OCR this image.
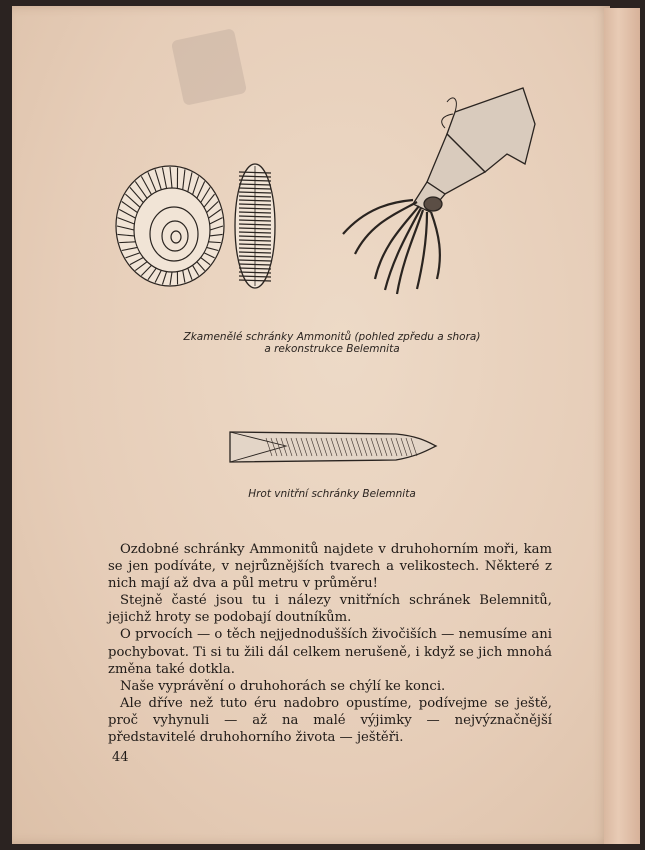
Zkamenělé schránky Ammonitů (pohled zpředu a shora)
a rekonstrukce Belemnita
Hrot vnitřní schránky Belemnita

Ozdobné schránky Ammonitů najdete v druhohorním moři, kam se jen podíváte, v nejrůznějších tvarech a velikostech. Některé z nich mají až dva a půl metru v průměru!

Stejně časté jsou tu i nálezy vnitřních schránek Belemnitů, jejichž hroty se podobají doutníkům.

O prvocích — o těch nejjednodušších živočiších — nemusíme ani pochybovat. Ti si tu žili dál celkem nerušeně, i když se jich mnohá změna také dotkla.

Naše vyprávění o druhohorách se chýlí ke konci.

Ale dříve než tuto éru nadobro opustíme, podívejme se ještě, proč vyhynuli — až na malé výjimky — nejvýznačnější představitelé druhohorního života — ještěři.

44
